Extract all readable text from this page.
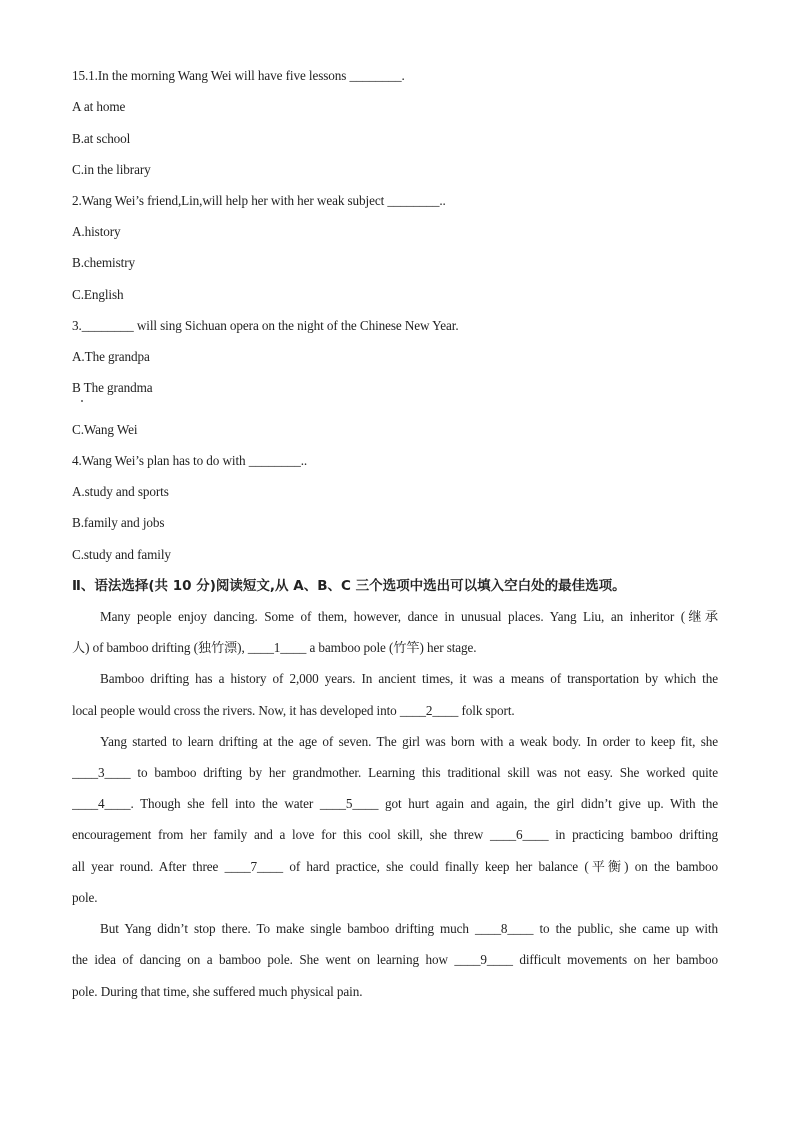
15.1.In the morning Wang Wei will have five lessons ________.
A at home
B.at school
C.in the library
2.Wang Wei’s friend,Lin,will help her with her weak subject ________..
A.history
B.chemistry
C.English
3.________ will sing Sichuan opera on the night of the Chinese New Year.
A.The grandpa
B The grandma
C.Wang Wei
4.Wang Wei’s plan has to do with ________..
A.study and sports
B.family and jobs
C.study and family
Ⅱ、语法选择(共 10 分)阅读短文,从 A、B、C 三个选项中选出可以填入空白处的最佳选项。
Many people enjoy dancing. Some of them, however, dance in unusual places. Yang Liu, an inheritor (继承
人) of bamboo drifting (独竹漂), ____1____ a bamboo pole (竹竿) her stage.
Bamboo drifting has a history of 2,000 years. In ancient times, it was a means of transportation by which the
local people would cross the rivers. Now, it has developed into ____2____ folk sport.
Yang started to learn drifting at the age of seven. The girl was born with a weak body. In order to keep fit, she
____3____ to bamboo drifting by her grandmother. Learning this traditional skill was not easy. She worked quite
____4____. Though she fell into the water ____5____ got hurt again and again, the girl didn’t give up. With the
encouragement from her family and a love for this cool skill, she threw ____6____ in practicing bamboo drifting
all year round. After three ____7____ of hard practice, she could finally keep her balance (平衡) on the bamboo
pole.
But Yang didn’t stop there. To make single bamboo drifting much ____8____ to the public, she came up with
the idea of dancing on a bamboo pole. She went on learning how ____9____ difficult movements on her bamboo
pole. During that time, she suffered much physical pain.
